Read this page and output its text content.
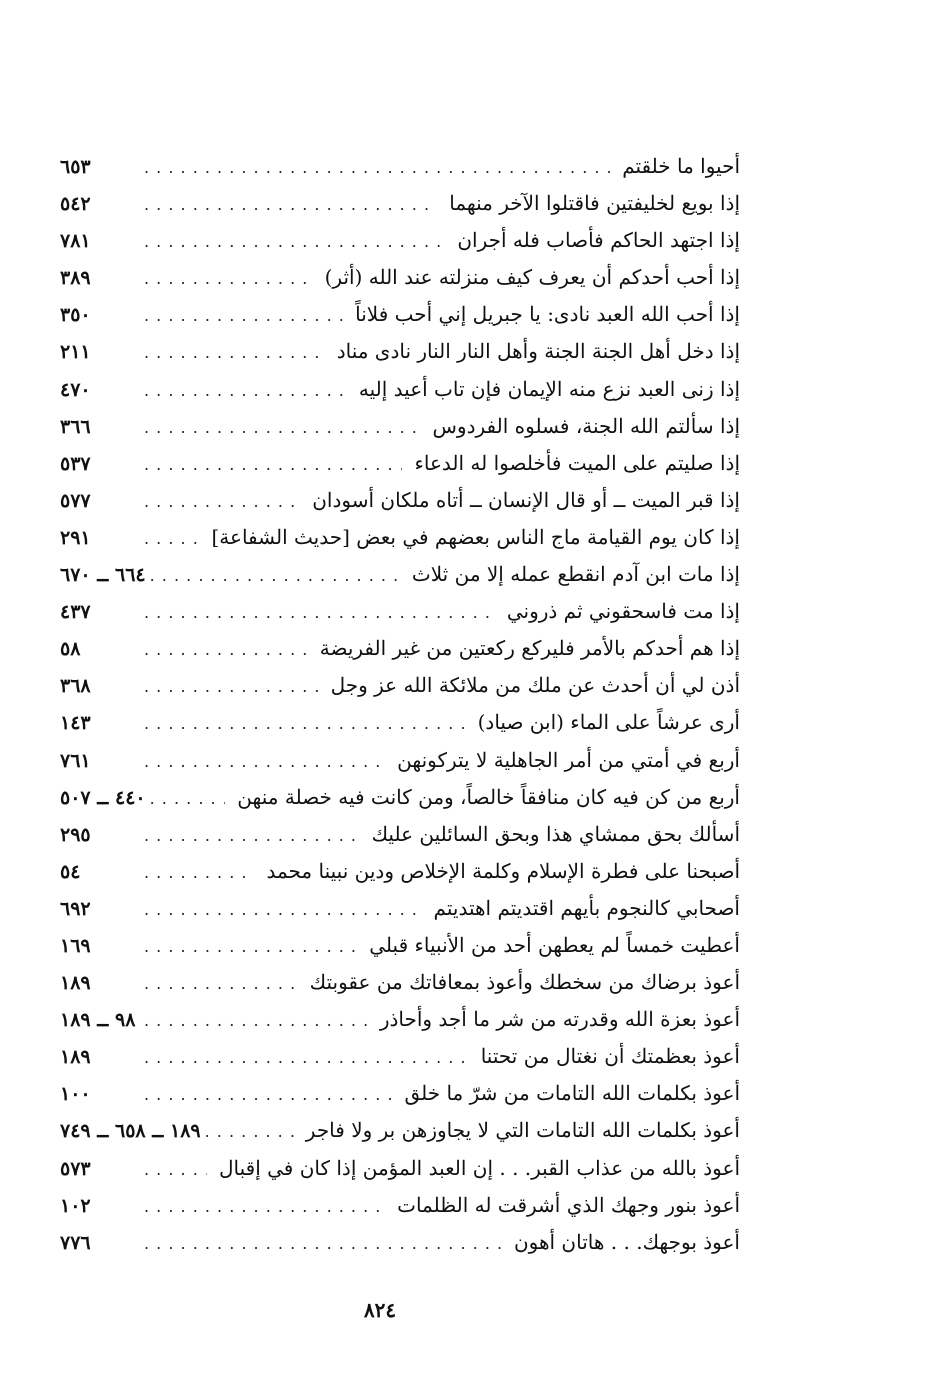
أحيوا ما خلقتم
. . .
٦٥٣
إذا بويع لخليفتين فاقتلوا الآخر منهما
. . .
٥٤٢
إذا اجتهد الحاكم فأصاب فله أجران
. . .
٧٨١
إذا أحب أحدكم أن يعرف كيف منزلته عند الله (أثر)
. . .
٣٨٩
إذا أحب الله العبد نادى: يا جبريل إني أحب فلاناً
. . .
٣٥٠
إذا دخل أهل الجنة الجنة وأهل النار النار نادى مناد
. . .
٢١١
إذا زنى العبد نزع منه الإيمان فإن تاب أعيد إليه
. . .
٤٧٠
إذا سألتم الله الجنة، فسلوه الفردوس
. . .
٣٦٦
إذا صليتم على الميت فأخلصوا له الدعاء
. . .
٥٣٧
إذا قبر الميت ــ أو قال الإنسان ــ أتاه ملكان أسودان
. . .
٥٧٧
إذا كان يوم القيامة ماج الناس بعضهم في بعض [حديث الشفاعة]
. . .
٢٩١
إذا مات ابن آدم انقطع عمله إلا من ثلاث
. . .
٦٦٤ ــ ٦٧٠
إذا مت فاسحقوني ثم ذروني
. . .
٤٣٧
إذا هم أحدكم بالأمر فليركع ركعتين من غير الفريضة
. . .
٥٨
أذن لي أن أحدث عن ملك من ملائكة الله عز وجل
. . .
٣٦٨
أرى عرشاً على الماء (ابن صياد)
. . .
١٤٣
أربع في أمتي من أمر الجاهلية لا يتركونهن
. . .
٧٦١
أربع من كن فيه كان منافقاً خالصاً، ومن كانت فيه خصلة منهن
. . .
٤٤٠ ــ ٥٠٧
أسألك بحق ممشاي هذا وبحق السائلين عليك
. . .
٢٩٥
أصبحنا على فطرة الإسلام وكلمة الإخلاص ودين نبينا محمد
. . .
٥٤
أصحابي كالنجوم بأيهم اقتديتم اهتديتم
. . .
٦٩٢
أعطيت خمساً لم يعطهن أحد من الأنبياء قبلي
. . .
١٦٩
أعوذ برضاك من سخطك وأعوذ بمعافاتك من عقوبتك
. . .
١٨٩
أعوذ بعزة الله وقدرته من شر ما أجد وأحاذر
. . .
٩٨ ــ ١٨٩
أعوذ بعظمتك أن نغتال من تحتنا
. . .
١٨٩
أعوذ بكلمات الله التامات من شرّ ما خلق
. . .
١٠٠
أعوذ بكلمات الله التامات التي لا يجاوزهن بر ولا فاجر
. . .
١٨٩ ــ ٦٥٨ ــ ٧٤٩
أعوذ بالله من عذاب القبر. . . إن العبد المؤمن إذا كان في إقبال
. . .
٥٧٣
أعوذ بنور وجهك الذي أشرقت له الظلمات
. . .
١٠٢
أعوذ بوجهك. . . هاتان أهون
. . .
٧٧٦
٨٢٤
